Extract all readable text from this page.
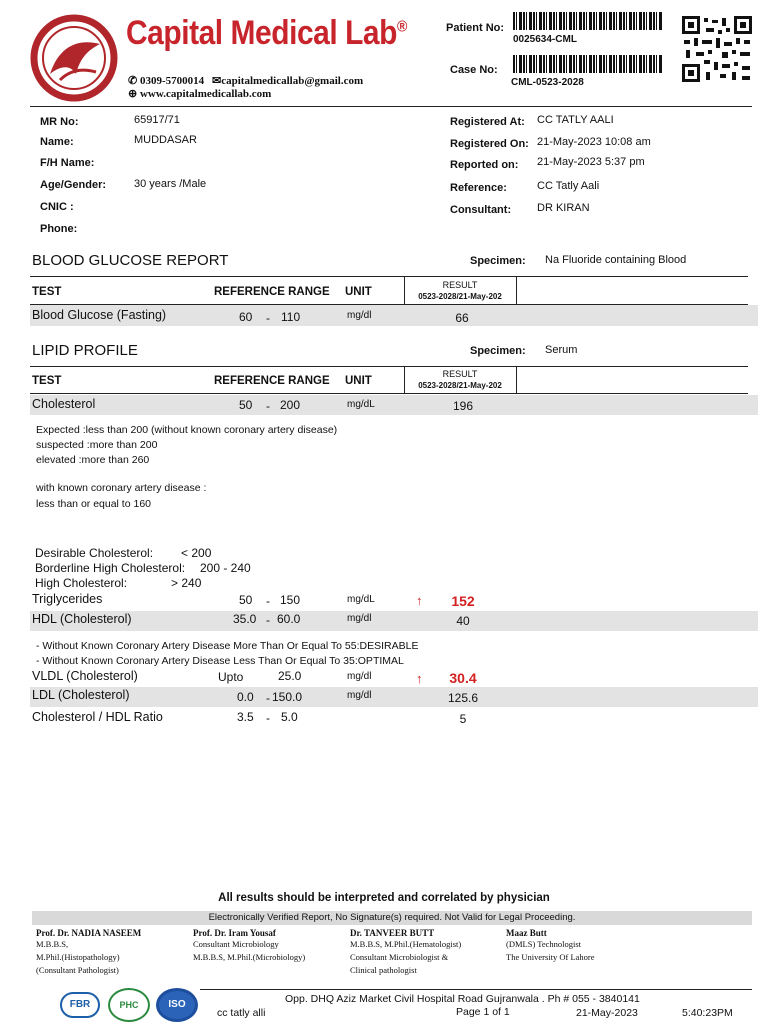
Capital Medical Lab®
✆ 0309-5700014 ✉capitalmedicallab@gmail.com
⊕ www.capitalmedicallab.com
Patient No:
0025634-CML
Case No:
CML-0523-2028
MR No:	65917/71
Name:	MUDDASAR
F/H Name:
Age/Gender:	30 years /Male
CNIC :
Phone:
Registered At: CC TATLY AALI
Registered On: 21-May-2023 10:08 am
Reported on: 21-May-2023 5:37 pm
Reference:	CC Tatly Aali
Consultant: DR KIRAN
BLOOD GLUCOSE REPORT	Specimen: Na Fluoride containing Blood
TEST	REFERENCE RANGE UNIT
RESULT
0523-2028/21-May-202
Blood Glucose (Fasting)	60 - 110	mg/dl	66
LIPID PROFILE	Specimen: Serum
TEST	REFERENCE RANGE UNIT
RESULT
0523-2028/21-May-202
Cholesterol	50 - 200	mg/dL	196
Expected :less than 200 (without known coronary artery disease)
suspected :more than 200
elevated :more than 260
with known coronary artery disease :
less than or equal to 160
Desirable Cholesterol: < 200
Borderline High Cholesterol: 200 - 240
High Cholesterol:	> 240
Triglycerides	50 - 150	mg/dL	↑	152
HDL (Cholesterol)	35.0 - 60.0	mg/dl	40
- Without Known Coronary Artery Disease More Than Or Equal To 55:DESIRABLE
- Without Known Coronary Artery Disease Less Than Or Equal To 35:OPTIMAL
VLDL (Cholesterol)	Upto	25.0	mg/dl	↑	30.4
LDL (Cholesterol)	0.0 - 150.0	mg/dl	125.6
Cholesterol / HDL Ratio	3.5 - 5.0	5
All results should be interpreted and correlated by physician
Electronically Verified Report, No Signature(s) required. Not Valid for Legal Proceeding.
Prof. Dr. NADIA NASEEM
M.B.B.S,
M.Phil.(Histopathology)
(Consultant Pathologist)
Prof. Dr. Iram Yousaf
Consultant Microbiology
M.B.B.S, M.Phil.(Microbiology)
Dr. TANVEER BUTT
M.B.B.S, M.Phil.(Hematologist)
Consultant Microbiologist &
Clinical pathologist
Maaz Butt
(DMLS) Technologist
The University Of Lahore
FBR	PHC	ISO	Opp. DHQ Aziz Market Civil Hospital Road Gujranwala . Ph # 055 - 3840141
cc tatly alli	Page 1 of 1	21-May-2023	5:40:23PM
